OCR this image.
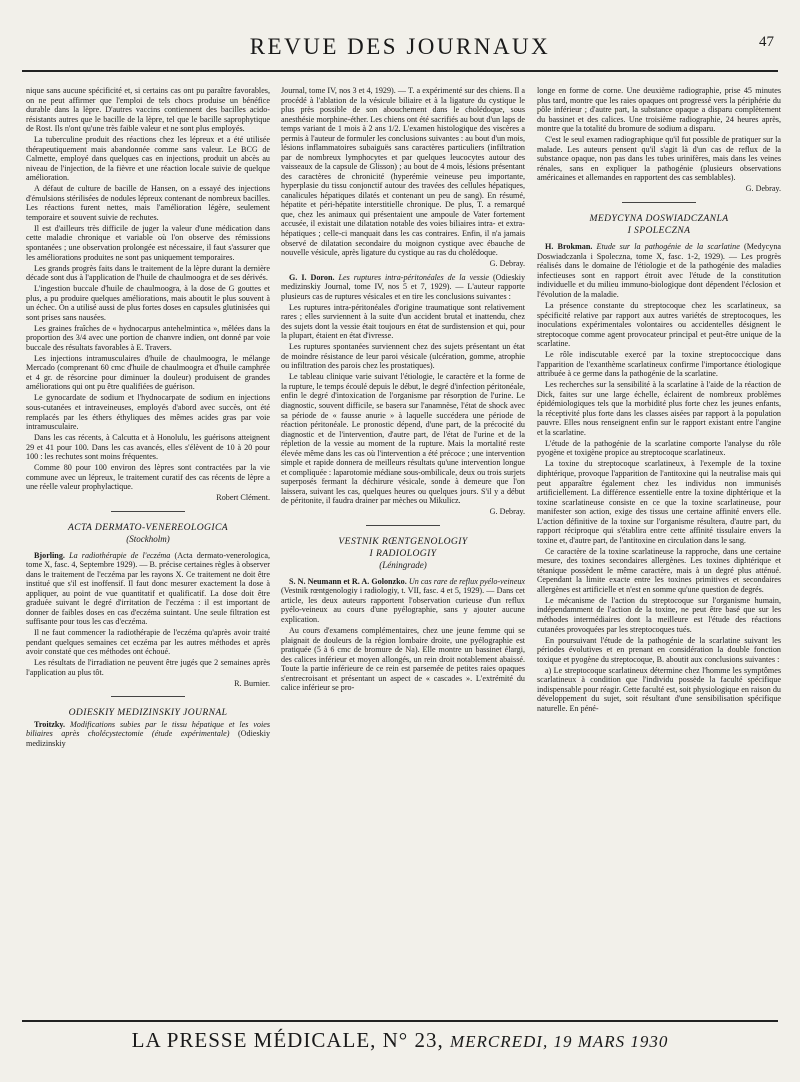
REVUE DES JOURNAUX	47

nique sans aucune spécificité et, si certains cas ont pu paraître favorables, on ne peut affirmer que l'emploi de tels chocs produise un bénéfice durable dans la lèpre. D'autres vaccins contiennent des bacilles acido-résistants autres que le bacille de la lèpre, tel que le bacille saprophytique de Rost. Ils n'ont qu'une très faible valeur et ne sont plus employés.

La tuberculine produit des réactions chez les lépreux et a été utilisée thérapeutiquement mais abandonnée comme sans valeur. Le BCG de Calmette, employé dans quelques cas en injections, produit un abcès au niveau de l'injection, de la fièvre et une réaction locale suivie de quelque amélioration.

A défaut de culture de bacille de Hansen, on a essayé des injections d'émulsions stérilisées de nodules lépreux contenant de nombreux bacilles. Les réactions furent nettes, mais l'amélioration légère, seulement temporaire et souvent suivie de rechutes.

Il est d'ailleurs très difficile de juger la valeur d'une médication dans cette maladie chronique et variable où l'on observe des rémissions spontanées ; une observation prolongée est nécessaire, il faut s'assurer que les améliorations produites ne sont pas uniquement temporaires.

Les grands progrès faits dans le traitement de la lèpre durant la dernière décade sont dus à l'application de l'huile de chaulmoogra et de ses dérivés.

L'ingestion buccale d'huile de chaulmoogra, à la dose de G gouttes et plus, a pu produire quelques améliorations, mais aboutit le plus souvent à un échec. On a utilisé aussi de plus fortes doses en capsules glutinisées qui sont prises sans nausées.

Les graines fraîches de « hydnocarpus antehelmintica », mêlées dans la proportion des 3/4 avec une portion de chanvre indien, ont donné par voie buccale des résultats favorables à E. Travers.

Les injections intramusculaires d'huile de chaulmoogra, le mélange Mercado (comprenant 60 cmc d'huile de chaulmoogra et d'huile camphrée et 4 gr. de résorcine pour diminuer la douleur) produisent de grandes améliorations qui ont pu être qualifiées de guérison.

Le gynocardate de sodium et l'hydnocarpate de sodium en injections sous-cutanées et intraveineuses, employés d'abord avec succès, ont été remplacés par les éthers éthyliques des mêmes acides gras par voie intramusculaire.

Dans les cas récents, à Calcutta et à Honolulu, les guérisons atteignent 29 et 41 pour 100. Dans les cas avancés, elles s'élèvent de 10 à 20 pour 100 : les rechutes sont moins fréquentes.

Comme 80 pour 100 environ des lèpres sont contractées par la vie commune avec un lépreux, le traitement curatif des cas récents de lèpre a une réelle valeur prophylactique.

Robert Clément.

ACTA DERMATO-VENEREOLOGICA
(Stockholm)

Bjorling. La radiothérapie de l'eczéma (Acta dermato-venerologica, tome X, fasc. 4, Septembre 1929). — B. précise certaines règles à observer dans le traitement de l'eczéma par les rayons X. Ce traitement ne doit être institué que s'il est inoffensif. Il faut donc mesurer exactement la dose à appliquer, au point de vue quantitatif et qualificatif. La dose doit être graduée suivant le degré d'irritation de l'eczéma : il est important de donner de faibles doses en cas d'eczéma suintant. Une seule filtration est suffisante pour tous les cas d'eczéma.

Il ne faut commencer la radiothérapie de l'eczéma qu'après avoir traité pendant quelques semaines cet eczéma par les autres méthodes et après avoir constaté que ces méthodes ont échoué.

Les résultats de l'irradiation ne peuvent être jugés que 2 semaines après l'application au plus tôt.

R. Burnier.

ODIESKIY MEDIZINSKIY JOURNAL

Troitzky. Modifications subies par le tissu hépatique et les voies biliaires après cholécystectomie (étude expérimentale) (Odieskiy medizinskiy

Journal, tome IV, nos 3 et 4, 1929). — T. a expérimenté sur des chiens. Il a procédé à l'ablation de la vésicule biliaire et à la ligature du cystique le plus près possible de son abouchement dans le cholédoque, sous anesthésie morphine-éther. Les chiens ont été sacrifiés au bout d'un laps de temps variant de 1 mois à 2 ans 1/2. L'examen histologique des viscères a permis à l'auteur de formuler les conclusions suivantes : au bout d'un mois, lésions inflammatoires subaiguës sans caractères particuliers (infiltration par de nombreux lymphocytes et par quelques leucocytes autour des vaisseaux de la capsule de Glisson) ; au bout de 4 mois, lésions présentant des caractères de chronicité (hyperémie veineuse peu importante, hyperplasie du tissu conjonctif autour des travées des cellules hépatiques, canalicules hépatiques dilatés et contenant un peu de sang). En résumé, hépatite et péri-hépatite interstitielle chronique. De plus, T. a remarqué que, chez les animaux qui présentaient une ampoule de Vater fortement accusée, il existait une dilatation notable des voies biliaires intra- et extra-hépatiques ; celle-ci manquait dans les cas contraires. Enfin, il n'a jamais observé de dilatation secondaire du moignon cystique avec ébauche de nouvelle vésicule, après ligature du cystique au ras du cholédoque.

G. Debray.

G. I. Doron. Les ruptures intra-péritonéales de la vessie (Odieskiy medizinskiy Journal, tome IV, nos 5 et 7, 1929). — L'auteur rapporte plusieurs cas de ruptures vésicales et en tire les conclusions suivantes :

Les ruptures intra-péritonéales d'origine traumatique sont relativement rares ; elles surviennent à la suite d'un accident brutal et inattendu, chez des sujets dont la vessie était toujours en état de surdistension et qui, pour la plupart, étaient en état d'ivresse.

Les ruptures spontanées surviennent chez des sujets présentant un état de moindre résistance de leur paroi vésicale (ulcération, gomme, atrophie ou infiltration des parois chez les prostatiques).

Le tableau clinique varie suivant l'étiologie, le caractère et la forme de la rupture, le temps écoulé depuis le début, le degré d'infection péritonéale, enfin le degré d'intoxication de l'organisme par résorption de l'urine. Le diagnostic, souvent difficile, se basera sur l'anamnèse, l'état de shock avec sa période de « fausse anurie » à laquelle succédera une période de réaction péritonéale. Le pronostic dépend, d'une part, de la précocité du diagnostic et de l'intervention, d'autre part, de l'état de l'urine et de la répletion de la vessie au moment de la rupture. Mais la mortalité reste élevée même dans les cas où l'intervention a été précoce ; une intervention simple et rapide donnera de meilleurs résultats qu'une intervention longue et compliquée : laparotomie médiane sous-ombilicale, deux ou trois surjets superposés fermant la déchirure vésicale, sonde à demeure que l'on laissera, suivant les cas, quelques heures ou quelques jours. S'il y a début de péritonite, il faudra drainer par mèches ou Mikulicz.

G. Debray.

VESTNIK RŒNTGENOLOGIY
I RADIOLOGIY
(Léningrade)

S. N. Neumann et R. A. Golonzko. Un cas rare de reflux pyélo-veineux (Vestnik rœntgenologiy i radiologiy, t. VII, fasc. 4 et 5, 1929). — Dans cet article, les deux auteurs rapportent l'observation curieuse d'un reflux pyélo-veineux au cours d'une pyélographie, sans y ajouter aucune explication.

Au cours d'examens complémentaires, chez une jeune femme qui se plaignait de douleurs de la région lombaire droite, une pyélographie est pratiquée (5 à 6 cmc de bromure de Na). Elle montre un bassinet élargi, des calices inférieur et moyen allongés, un rein droit notablement abaissé. Toute la partie inférieure de ce rein est parsemée de petites raies opaques s'entrecroisant et présentant un aspect de « cascades ». L'extrémité du calice inférieur se pro-

longe en forme de corne. Une deuxième radiographie, prise 45 minutes plus tard, montre que les raies opaques ont progressé vers la périphérie du pôle inférieur ; d'autre part, la substance opaque a disparu complètement du bassinet et des calices. Une troisième radiographie, 24 heures après, montre que la totalité du bromure de sodium a disparu.

C'est le seul examen radiographique qu'il fut possible de pratiquer sur la malade. Les auteurs pensent qu'il s'agit là d'un cas de reflux de la substance opaque, non pas dans les tubes urinifères, mais dans les veines rénales, sans en expliquer la pathogénie (plusieurs observations américaines et allemandes en rapportent des cas semblables).

G. Debray.

MEDYCYNA DOSWIADCZANLA
I SPOLECZNA

H. Brokman. Etude sur la pathogénie de la scarlatine (Medycyna Doswiadczanla i Spoleczna, tome X, fasc. 1-2, 1929). — Les progrès réalisés dans le domaine de l'étiologie et de la pathogénie des maladies infectieuses sont en rapport étroit avec l'étude de la constitution individuelle et du milieu immuno-biologique dont dépendent l'éclosion et l'évolution de la maladie.

La présence constante du streptocoque chez les scarlatineux, sa spécificité relative par rapport aux autres variétés de streptocoques, les inoculations expérimentales volontaires ou accidentelles désignent le streptocoque comme agent provocateur principal et peut-être unique de la scarlatine.

Le rôle indiscutable exercé par la toxine streptococcique dans l'apparition de l'exanthème scarlatineux confirme l'importance étiologique attribuée à ce germe dans la pathogénie de la scarlatine.

Les recherches sur la sensibilité à la scarlatine à l'aide de la réaction de Dick, faites sur une large échelle, éclairent de nombreux problèmes épidémiologiques tels que la morbidité plus forte chez les jeunes enfants, la réceptivité plus forte dans les classes aisées par rapport à la population pauvre. Elles nous renseignent enfin sur le rapport existant entre l'angine et la scarlatine.

L'étude de la pathogénie de la scarlatine comporte l'analyse du rôle pyogène et toxigène propice au streptocoque scarlatineux.

La toxine du streptocoque scarlatineux, à l'exemple de la toxine diphtérique, provoque l'apparition de l'antitoxine qui la neutralise mais qui peut apparaître également chez les individus non immunisés artificiellement. La différence essentielle entre la toxine diphtérique et la toxine scarlatineuse consiste en ce que la toxine scarlatineuse, pour manifester son action, exige des tissus une certaine affinité envers elle. L'action définitive de la toxine sur l'organisme résultera, d'autre part, du rapport réciproque qui s'établira entre cette affinité tissulaire envers la toxine et, d'autre part, de l'antitoxine en circulation dans le sang.

Ce caractère de la toxine scarlatineuse la rapproche, dans une certaine mesure, des toxines secondaires allergènes. Les toxines diphtérique et tétanique possèdent le même caractère, mais à un degré plus atténué. Cependant la limite exacte entre les toxines primitives et secondaires allergènes est artificielle et n'est en somme qu'une question de degrés.

Le mécanisme de l'action du streptocoque sur l'organisme humain, indépendamment de l'action de la toxine, ne peut être basé que sur les méthodes intermédiaires dont la meilleure est l'étude des réactions cutanées provoquées par les streptocoques tués.

En poursuivant l'étude de la pathogénie de la scarlatine suivant les périodes évolutives et en prenant en considération la double fonction toxique et pyogène du streptocoque, B. aboutit aux conclusions suivantes :

a) Le streptocoque scarlatineux détermine chez l'homme les symptômes scarlatineux à condition que l'individu possède la faculté spécifique indispensable pour réagir. Cette faculté est, soit physiologique en raison du développement du sujet, soit résultant d'une sensibilisation spécifique naturelle. En péné-

LA PRESSE MÉDICALE, N° 23, MERCREDI, 19 MARS 1930
